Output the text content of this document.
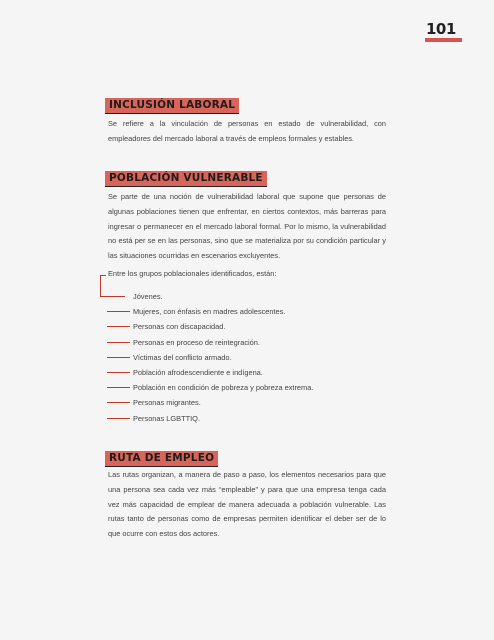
101
INCLUSIÓN LABORAL

Se refiere a la vinculación de personas en estado de vulnerabilidad, con empleadores del mercado laboral a través de empleos formales y estables.

POBLACIÓN VULNERABLE

Se parte de una noción de vulnerabilidad laboral que supone que personas de algunas poblaciones tienen que enfrentar, en ciertos contextos, más barreras para ingresar o permanecer en el mercado laboral formal. Por lo mismo, la vulnerabilidad no está per se en las personas, sino que se materializa por su condición particular y las situaciones ocurridas en escenarios excluyentes.

Entre los grupos poblacionales identificados, están:
Jóvenes.
Mujeres, con énfasis en madres adolescentes.
Personas con discapacidad.
Personas en proceso de reintegración.
Víctimas del conflicto armado.
Población afrodescendiente e indígena.
Población en condición de pobreza y pobreza extrema.
Personas migrantes.
Personas LGBTTIQ.
RUTA DE EMPLEO

Las rutas organizan, a manera de paso a paso, los elementos necesarios para que una persona sea cada vez más “empleable” y para que una empresa tenga cada vez más capacidad de emplear de manera adecuada a población vulnerable. Las rutas tanto de personas como de empresas permiten identificar el deber ser de lo que ocurre con estos dos actores.
